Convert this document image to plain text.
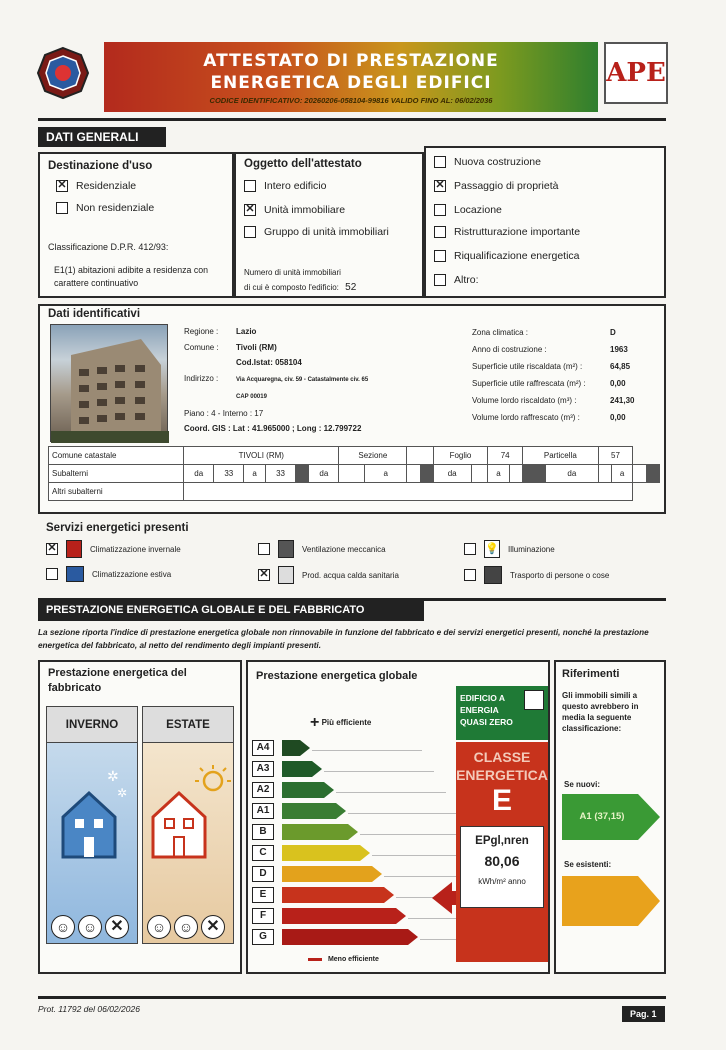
ATTESTATO DI PRESTAZIONE
ENERGETICA DEGLI EDIFICI
CODICE IDENTIFICATIVO: 20260206-058104-99816 VALIDO FINO AL: 06/02/2036
APE
DATI GENERALI
Destinazione d'uso
✕ Residenziale
Non residenziale
Classificazione D.P.R. 412/93:
E1(1) abitazioni adibite a residenza con carattere continuativo
Oggetto dell'attestato
Intero edificio
✕ Unità immobiliare
Gruppo di unità immobiliari
Numero di unità immobiliari
di cui è composto l'edificio: 52
Nuova costruzione
✕ Passaggio di proprietà
Locazione
Ristrutturazione importante
Riqualificazione energetica
Altro:
Dati identificativi
Regione : Lazio
Comune : Tivoli (RM)
Cod.Istat: 058104
Indirizzo :	Via Acquaregna, civ. 59 - Catastalmente civ. 65
CAP 00019
Piano : 4 - Interno : 17
Coord. GIS : Lat : 41.965000 ; Long : 12.799722
Zona climatica :	D
Anno di costruzione :	1963
Superficie utile riscaldata (m²) :	64,85
Superficie utile raffrescata (m²) :	0,00
Volume lordo riscaldato (m³) :	241,30
Volume lordo raffrescato (m³) :	0,00
Comune catastale	TIVOLI (RM)						Sezione				Foglio		74		Particella		57			
Subalterni	da	33	a	33		da		a			da		a			da		a		
Altri subalterni																				
Servizi energetici presenti
✕	Climatizzazione invernale	Ventilazione meccanica	💡 Illuminazione
Climatizzazione estiva	✕	Prod. acqua calda sanitaria	Trasporto di persone o cose
PRESTAZIONE ENERGETICA GLOBALE E DEL FABBRICATO
La sezione riporta l'indice di prestazione energetica globale non rinnovabile in funzione del fabbricato e dei servizi energetici presenti, nonché la prestazione energetica del fabbricato, al netto del rendimento degli impianti presenti.
Prestazione energetica del fabbricato
INVERNO
✲
✲
☺ ☺ ✕
ESTATE
☺ ☺ ✕
Prestazione energetica globale
+ Più efficiente
A4
A3
A2
A1
B
C
D
E
F
G
Meno efficiente
EDIFICIO A ENERGIA QUASI ZERO
CLASSE ENERGETICA
E
EPgl,nren
80,06
kWh/m² anno
Riferimenti
Gli immobili simili a questo avrebbero in media la seguente classificazione:
Se nuovi:
A1 (37,15)
Se esistenti:
Prot. 11792 del 06/02/2026	Pag. 1
